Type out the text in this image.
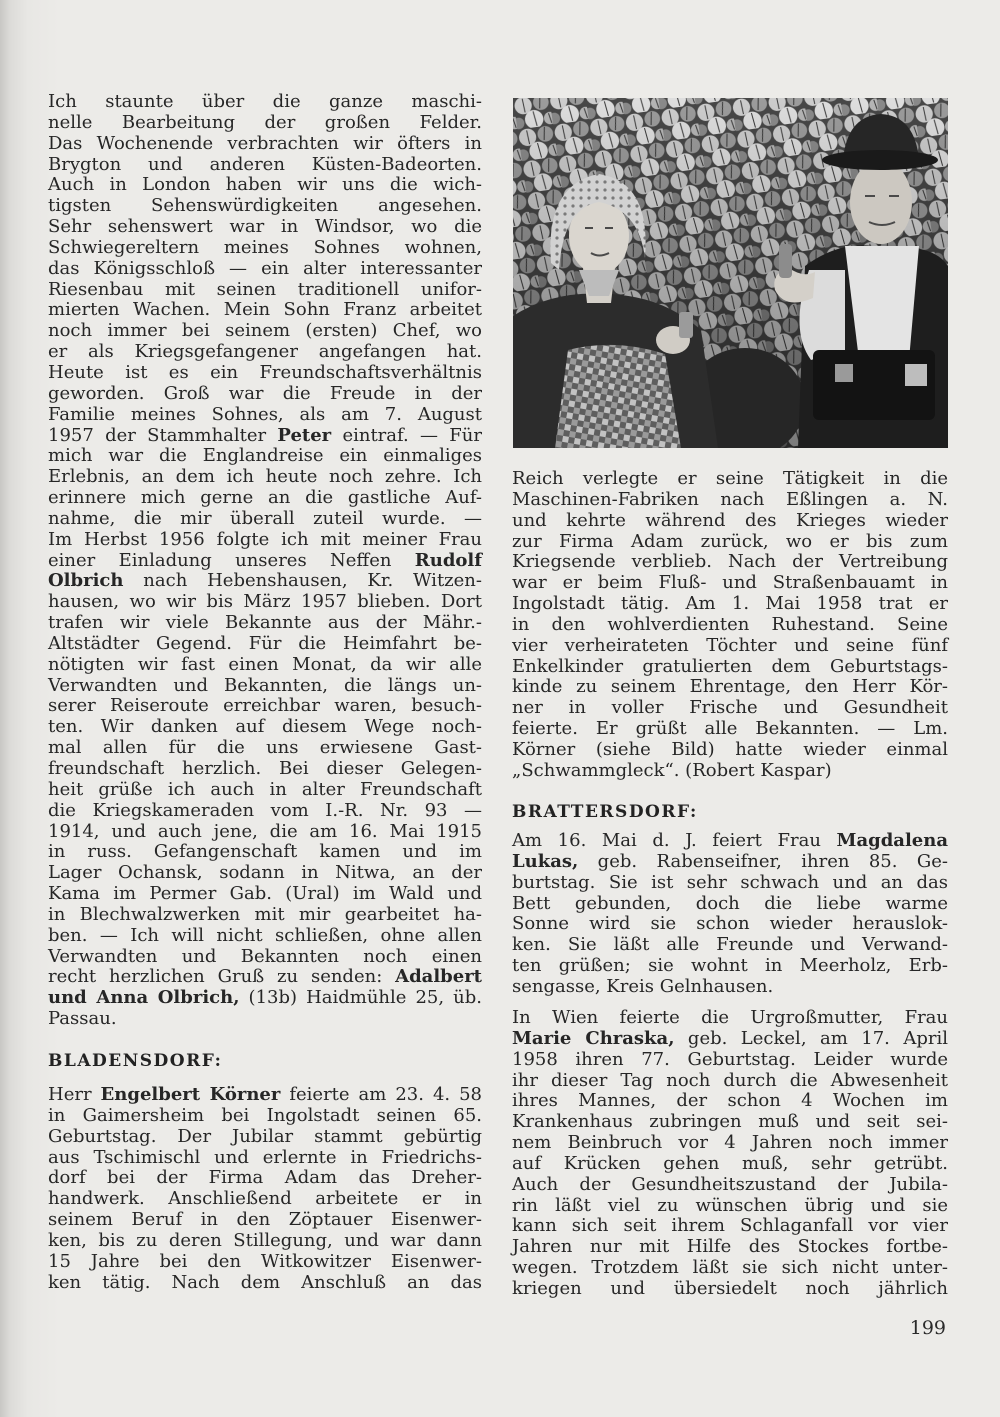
Ich staunte über die ganze maschi-
nelle Bearbeitung der großen Felder.
Das Wochenende verbrachten wir öfters in
Brygton und anderen Küsten-Badeorten.
Auch in London haben wir uns die wich-
tigsten Sehenswürdigkeiten angesehen.
Sehr sehenswert war in Windsor, wo die
Schwiegereltern meines Sohnes wohnen,
das Königsschloß — ein alter interessanter
Riesenbau mit seinen traditionell unifor-
mierten Wachen. Mein Sohn Franz arbeitet
noch immer bei seinem (ersten) Chef, wo
er als Kriegsgefangener angefangen hat.
Heute ist es ein Freundschaftsverhältnis
geworden. Groß war die Freude in der
Familie meines Sohnes, als am 7. August
1957 der Stammhalter Peter eintraf. — Für
mich war die Englandreise ein einmaliges
Erlebnis, an dem ich heute noch zehre. Ich
erinnere mich gerne an die gastliche Auf-
nahme, die mir überall zuteil wurde. —
Im Herbst 1956 folgte ich mit meiner Frau
einer Einladung unseres Neffen Rudolf
Olbrich nach Hebenshausen, Kr. Witzen-
hausen, wo wir bis März 1957 blieben. Dort
trafen wir viele Bekannte aus der Mähr.-
Altstädter Gegend. Für die Heimfahrt be-
nötigten wir fast einen Monat, da wir alle
Verwandten und Bekannten, die längs un-
serer Reiseroute erreichbar waren, besuch-
ten. Wir danken auf diesem Wege noch-
mal allen für die uns erwiesene Gast-
freundschaft herzlich. Bei dieser Gelegen-
heit grüße ich auch in alter Freundschaft
die Kriegskameraden vom I.-R. Nr. 93 —
1914, und auch jene, die am 16. Mai 1915
in russ. Gefangenschaft kamen und im
Lager Ochansk, sodann in Nitwa, an der
Kama im Permer Gab. (Ural) im Wald und
in Blechwalzwerken mit mir gearbeitet ha-
ben. — Ich will nicht schließen, ohne allen
Verwandten und Bekannten noch einen
recht herzlichen Gruß zu senden: Adalbert
und Anna Olbrich, (13b) Haidmühle 25, üb.
Passau.
BLADENSDORF:
Herr Engelbert Körner feierte am 23. 4. 58
in Gaimersheim bei Ingolstadt seinen 65.
Geburtstag. Der Jubilar stammt gebürtig
aus Tschimischl und erlernte in Friedrichs-
dorf bei der Firma Adam das Dreher-
handwerk. Anschließend arbeitete er in
seinem Beruf in den Zöptauer Eisenwer-
ken, bis zu deren Stillegung, und war dann
15 Jahre bei den Witkowitzer Eisenwer-
ken tätig. Nach dem Anschluß an das
Reich verlegte er seine Tätigkeit in die
Maschinen-Fabriken nach Eßlingen a. N.
und kehrte während des Krieges wieder
zur Firma Adam zurück, wo er bis zum
Kriegsende verblieb. Nach der Vertreibung
war er beim Fluß- und Straßenbauamt in
Ingolstadt tätig. Am 1. Mai 1958 trat er
in den wohlverdienten Ruhestand. Seine
vier verheirateten Töchter und seine fünf
Enkelkinder gratulierten dem Geburtstags-
kinde zu seinem Ehrentage, den Herr Kör-
ner in voller Frische und Gesundheit
feierte. Er grüßt alle Bekannten. — Lm.
Körner (siehe Bild) hatte wieder einmal
„Schwammgleck“. (Robert Kaspar)
BRATTERSDORF:
Am 16. Mai d. J. feiert Frau Magdalena
Lukas, geb. Rabenseifner, ihren 85. Ge-
burtstag. Sie ist sehr schwach und an das
Bett gebunden, doch die liebe warme
Sonne wird sie schon wieder herauslok-
ken. Sie läßt alle Freunde und Verwand-
ten grüßen; sie wohnt in Meerholz, Erb-
sengasse, Kreis Gelnhausen.
In Wien feierte die Urgroßmutter, Frau
Marie Chraska, geb. Leckel, am 17. April
1958 ihren 77. Geburtstag. Leider wurde
ihr dieser Tag noch durch die Abwesenheit
ihres Mannes, der schon 4 Wochen im
Krankenhaus zubringen muß und seit sei-
nem Beinbruch vor 4 Jahren noch immer
auf Krücken gehen muß, sehr getrübt.
Auch der Gesundheitszustand der Jubila-
rin läßt viel zu wünschen übrig und sie
kann sich seit ihrem Schlaganfall vor vier
Jahren nur mit Hilfe des Stockes fortbe-
wegen. Trotzdem läßt sie sich nicht unter-
kriegen und übersiedelt noch jährlich
199
